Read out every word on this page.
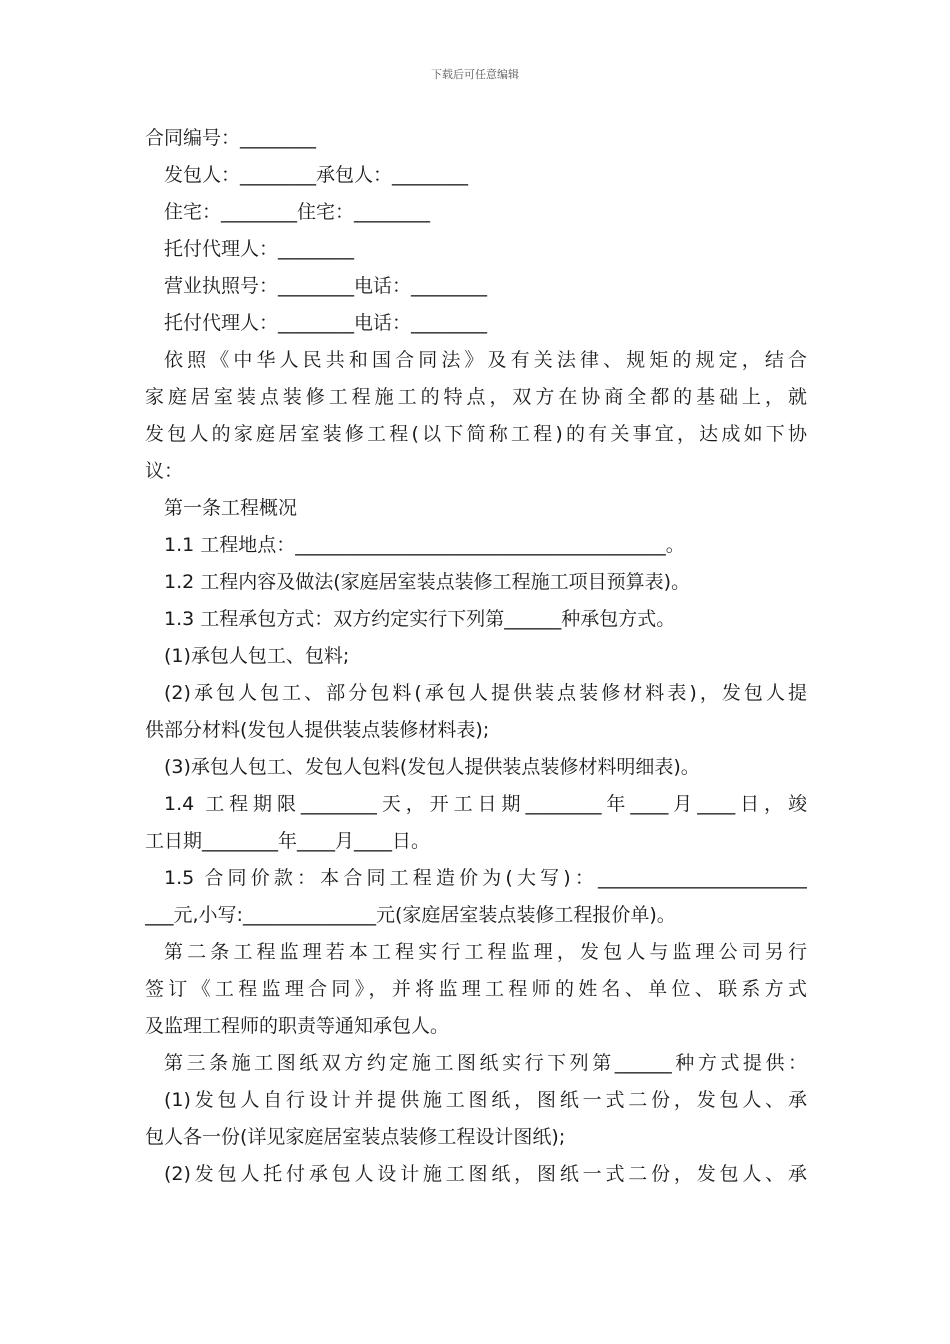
下载后可任意编辑
合同编号：________
发包人：________承包人：________
住宅：________住宅：________
托付代理人：________
营业执照号：________电话：________
托付代理人：________电话：________
依照《中华人民共和国合同法》及有关法律、规矩的规定，结合
家庭居室装点装修工程施工的特点，双方在协商全都的基础上，就
发包人的家庭居室装修工程(以下简称工程)的有关事宜，达成如下协
议：
第一条工程概况
1.1 工程地点：_______________________________________。
1.2 工程内容及做法(家庭居室装点装修工程施工项目预算表)。
1.3 工程承包方式：双方约定实行下列第______种承包方式。
(1)承包人包工、包料;
(2)承包人包工、部分包料(承包人提供装点装修材料表)，发包人提
供部分材料(发包人提供装点装修材料表);
(3)承包人包工、发包人包料(发包人提供装点装修材料明细表)。
1.4 工程期限________天，开工日期________年____月____日，竣
工日期________年____月____日。
1.5 合同价款：本合同工程造价为(大写)：______________________
___元,小写:______________元(家庭居室装点装修工程报价单)。
第二条工程监理若本工程实行工程监理，发包人与监理公司另行
签订《工程监理合同》，并将监理工程师的姓名、单位、联系方式
及监理工程师的职责等通知承包人。
第三条施工图纸双方约定施工图纸实行下列第______种方式提供：
(1)发包人自行设计并提供施工图纸，图纸一式二份，发包人、承
包人各一份(详见家庭居室装点装修工程设计图纸);
(2)发包人托付承包人设计施工图纸，图纸一式二份，发包人、承
